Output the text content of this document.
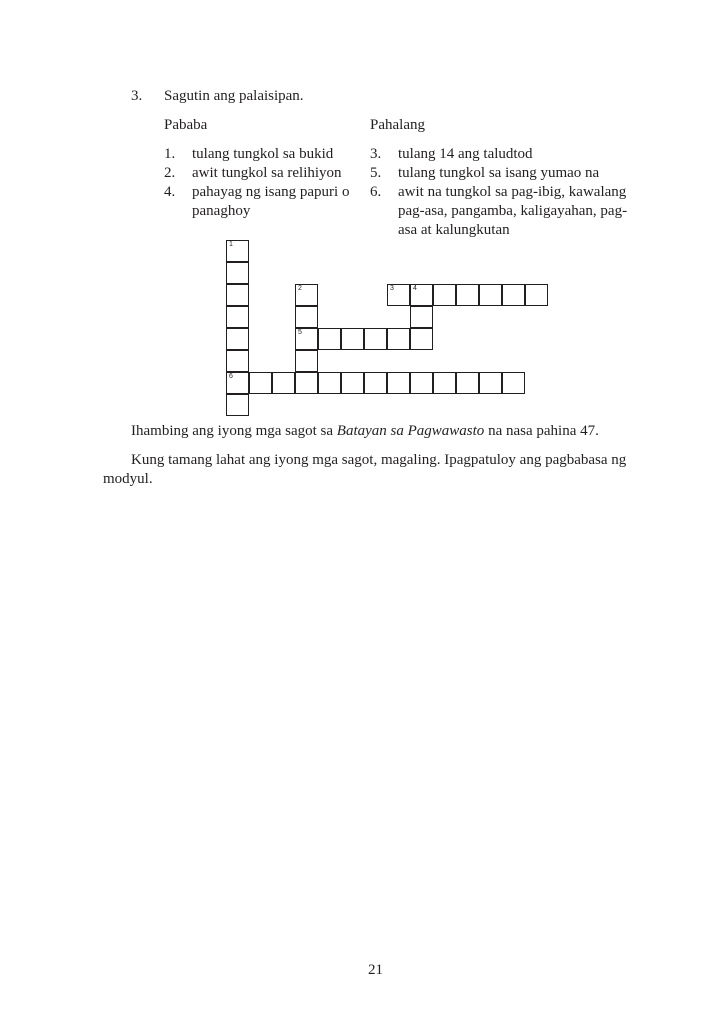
3. Sagutin ang palaisipan.
Pababa	Pahalang
1. tulang tungkol sa bukid
2. awit tungkol sa relihiyon
4. pahayag ng isang papuri o
panaghoy
3. tulang 14 ang taludtod
5. tulang tungkol sa isang yumao na
6. awit na tungkol sa pag-ibig, kawalang
pag-asa, pangamba, kaligayahan, pag-
asa at kalungkutan
1
6
2
5
3	4
Ihambing ang iyong mga sagot sa Batayan sa Pagwawasto na nasa pahina 47.
Kung tamang lahat ang iyong mga sagot, magaling. Ipagpatuloy ang pagbabasa ng
modyul.
21
